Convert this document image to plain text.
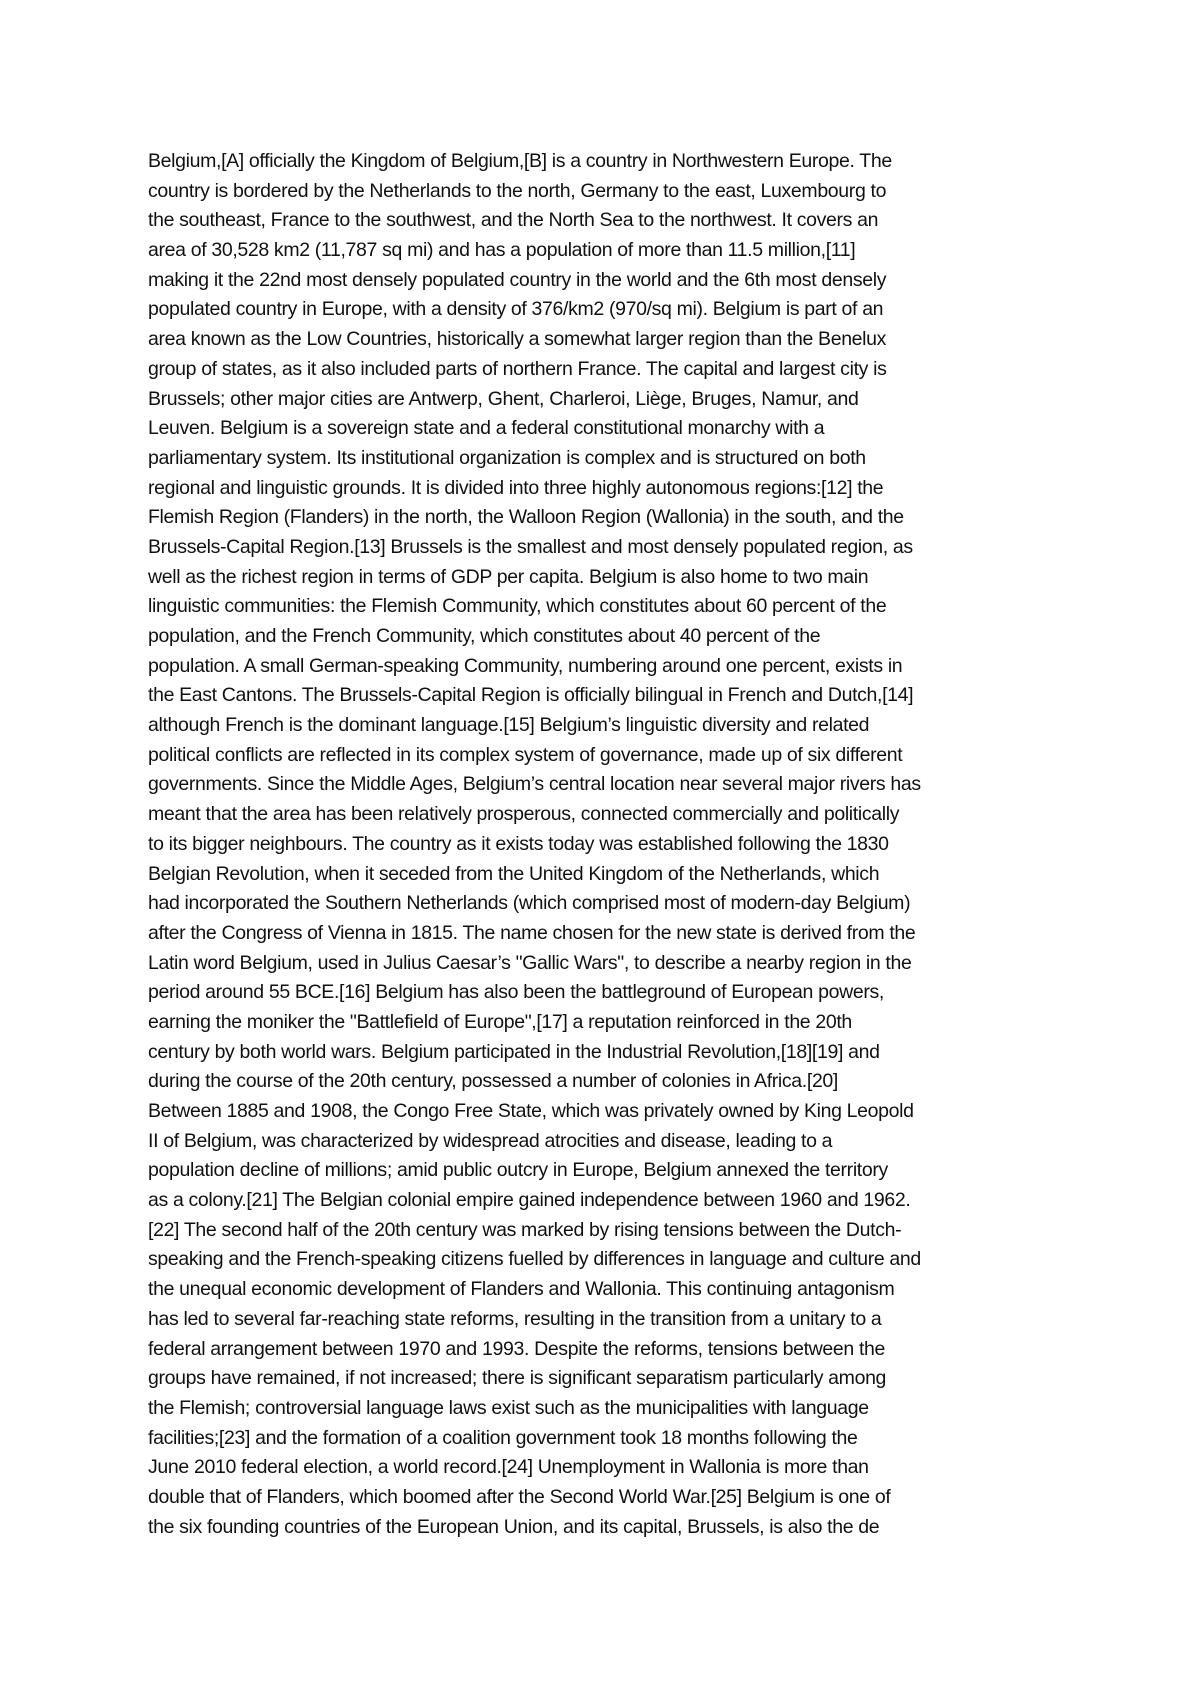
Belgium,[A] officially the Kingdom of Belgium,[B] is a country in Northwestern Europe. The
country is bordered by the Netherlands to the north, Germany to the east, Luxembourg to
the southeast, France to the southwest, and the North Sea to the northwest. It covers an
area of 30,528 km2 (11,787 sq mi) and has a population of more than 11.5 million,[11]
making it the 22nd most densely populated country in the world and the 6th most densely
populated country in Europe, with a density of 376/km2 (970/sq mi). Belgium is part of an
area known as the Low Countries, historically a somewhat larger region than the Benelux
group of states, as it also included parts of northern France. The capital and largest city is
Brussels; other major cities are Antwerp, Ghent, Charleroi, Liège, Bruges, Namur, and
Leuven. Belgium is a sovereign state and a federal constitutional monarchy with a
parliamentary system. Its institutional organization is complex and is structured on both
regional and linguistic grounds. It is divided into three highly autonomous regions:[12] the
Flemish Region (Flanders) in the north, the Walloon Region (Wallonia) in the south, and the
Brussels-Capital Region.[13] Brussels is the smallest and most densely populated region, as
well as the richest region in terms of GDP per capita. Belgium is also home to two main
linguistic communities: the Flemish Community, which constitutes about 60 percent of the
population, and the French Community, which constitutes about 40 percent of the
population. A small German-speaking Community, numbering around one percent, exists in
the East Cantons. The Brussels-Capital Region is officially bilingual in French and Dutch,[14]
although French is the dominant language.[15] Belgium’s linguistic diversity and related
political conflicts are reflected in its complex system of governance, made up of six different
governments. Since the Middle Ages, Belgium’s central location near several major rivers has
meant that the area has been relatively prosperous, connected commercially and politically
to its bigger neighbours. The country as it exists today was established following the 1830
Belgian Revolution, when it seceded from the United Kingdom of the Netherlands, which
had incorporated the Southern Netherlands (which comprised most of modern-day Belgium)
after the Congress of Vienna in 1815. The name chosen for the new state is derived from the
Latin word Belgium, used in Julius Caesar’s "Gallic Wars", to describe a nearby region in the
period around 55 BCE.[16] Belgium has also been the battleground of European powers,
earning the moniker the "Battlefield of Europe",[17] a reputation reinforced in the 20th
century by both world wars. Belgium participated in the Industrial Revolution,[18][19] and
during the course of the 20th century, possessed a number of colonies in Africa.[20]
Between 1885 and 1908, the Congo Free State, which was privately owned by King Leopold
II of Belgium, was characterized by widespread atrocities and disease, leading to a
population decline of millions; amid public outcry in Europe, Belgium annexed the territory
as a colony.[21] The Belgian colonial empire gained independence between 1960 and 1962.
[22] The second half of the 20th century was marked by rising tensions between the Dutch-
speaking and the French-speaking citizens fuelled by differences in language and culture and
the unequal economic development of Flanders and Wallonia. This continuing antagonism
has led to several far-reaching state reforms, resulting in the transition from a unitary to a
federal arrangement between 1970 and 1993. Despite the reforms, tensions between the
groups have remained, if not increased; there is significant separatism particularly among
the Flemish; controversial language laws exist such as the municipalities with language
facilities;[23] and the formation of a coalition government took 18 months following the
June 2010 federal election, a world record.[24] Unemployment in Wallonia is more than
double that of Flanders, which boomed after the Second World War.[25] Belgium is one of
the six founding countries of the European Union, and its capital, Brussels, is also the de
